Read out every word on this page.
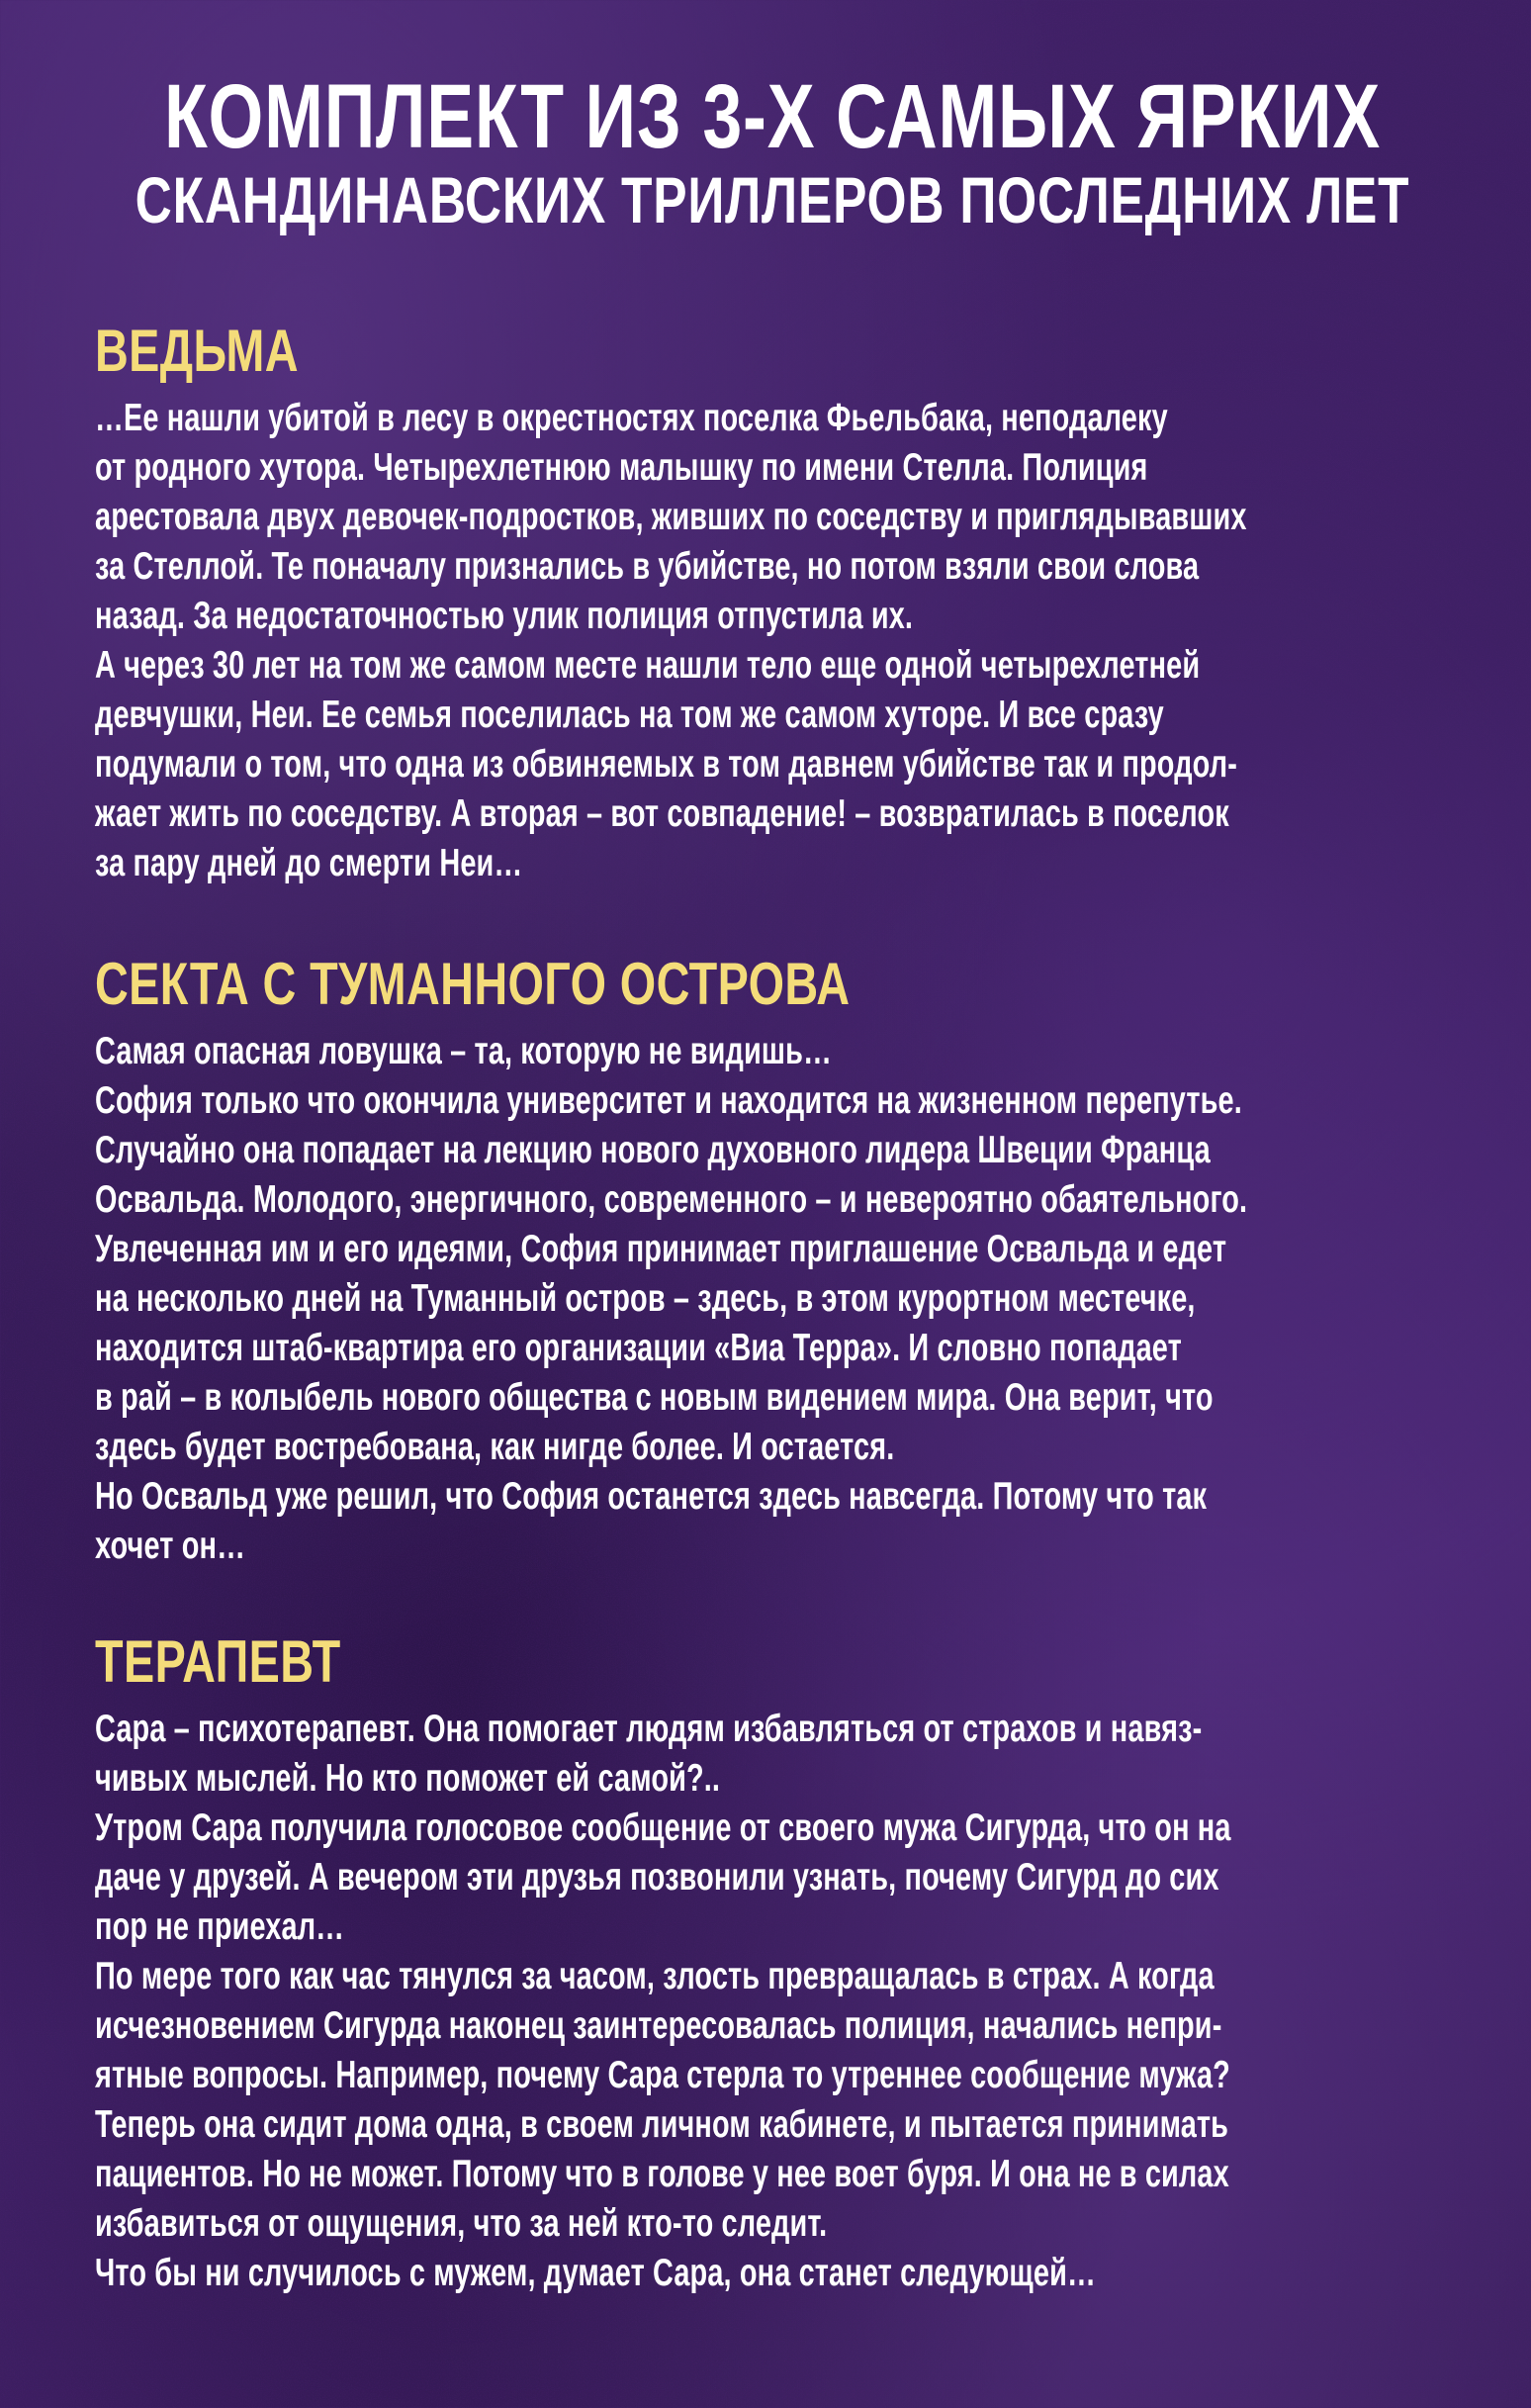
КОМПЛЕКТ ИЗ 3-Х САМЫХ ЯРКИХ
СКАНДИНАВСКИХ ТРИЛЛЕРОВ ПОСЛЕДНИХ ЛЕТ
ВЕДЬМА
…Ее нашли убитой в лесу в окрестностях поселка Фьельбака, неподалеку
от родного хутора. Четырехлетнюю малышку по имени Стелла. Полиция
арестовала двух девочек-подростков, живших по соседству и приглядывавших
за Стеллой. Те поначалу признались в убийстве, но потом взяли свои слова
назад. За недостаточностью улик полиция отпустила их.
А через 30 лет на том же самом месте нашли тело еще одной четырехлетней
девчушки, Неи. Ее семья поселилась на том же самом хуторе. И все сразу
подумали о том, что одна из обвиняемых в том давнем убийстве так и продол-
жает жить по соседству. А вторая – вот совпадение! – возвратилась в поселок
за пару дней до смерти Неи…
СЕКТА С ТУМАННОГО ОСТРОВА
Самая опасная ловушка – та, которую не видишь…
София только что окончила университет и находится на жизненном перепутье.
Случайно она попадает на лекцию нового духовного лидера Швеции Франца
Освальда. Молодого, энергичного, современного – и невероятно обаятельного.
Увлеченная им и его идеями, София принимает приглашение Освальда и едет
на несколько дней на Туманный остров – здесь, в этом курортном местечке,
находится штаб-квартира его организации «Виа Терра». И словно попадает
в рай – в колыбель нового общества с новым видением мира. Она верит, что
здесь будет востребована, как нигде более. И остается.
Но Освальд уже решил, что София останется здесь навсегда. Потому что так
хочет он…
ТЕРАПЕВТ
Сара – психотерапевт. Она помогает людям избавляться от страхов и навяз-
чивых мыслей. Но кто поможет ей самой?..
Утром Сара получила голосовое сообщение от своего мужа Сигурда, что он на
даче у друзей. А вечером эти друзья позвонили узнать, почему Сигурд до сих
пор не приехал…
По мере того как час тянулся за часом, злость превращалась в страх. А когда
исчезновением Сигурда наконец заинтересовалась полиция, начались непри-
ятные вопросы. Например, почему Сара стерла то утреннее сообщение мужа?
Теперь она сидит дома одна, в своем личном кабинете, и пытается принимать
пациентов. Но не может. Потому что в голове у нее воет буря. И она не в силах
избавиться от ощущения, что за ней кто-то следит.
Что бы ни случилось с мужем, думает Сара, она станет следующей…
